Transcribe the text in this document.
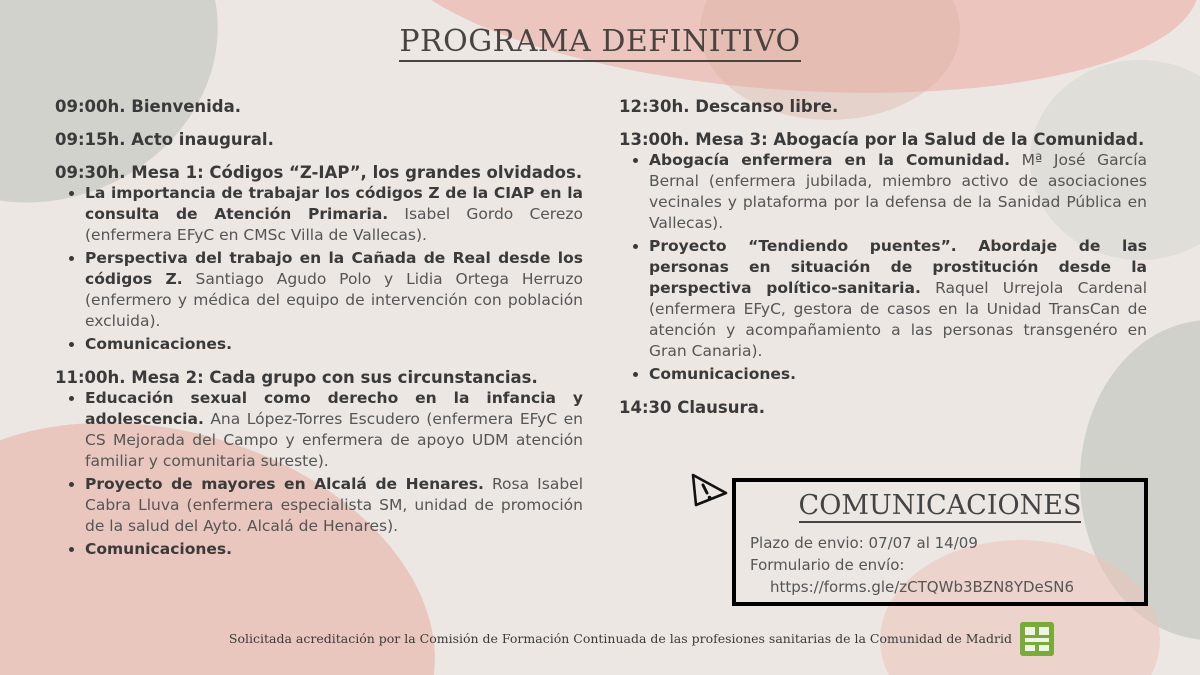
PROGRAMA DEFINITIVO

09:00h. Bienvenida.

09:15h. Acto inaugural.

09:30h. Mesa 1: Códigos “Z-IAP”, los grandes olvidados.

• La importancia de trabajar los códigos Z de la CIAP en la consulta de Atención Primaria. Isabel Gordo Cerezo (enfermera EFyC en CMSc Villa de Vallecas).
• Perspectiva del trabajo en la Cañada de Real desde los códigos Z. Santiago Agudo Polo y Lidia Ortega Herruzo (enfermero y médica del equipo de intervención con población excluida).
• Comunicaciones.

11:00h. Mesa 2: Cada grupo con sus circunstancias.

• Educación sexual como derecho en la infancia y adolescencia. Ana López-Torres Escudero (enfermera EFyC en CS Mejorada del Campo y enfermera de apoyo UDM atención familiar y comunitaria sureste).
• Proyecto de mayores en Alcalá de Henares. Rosa Isabel Cabra Lluva (enfermera especialista SM, unidad de promoción de la salud del Ayto. Alcalá de Henares).
• Comunicaciones.

12:30h. Descanso libre.

13:00h. Mesa 3: Abogacía por la Salud de la Comunidad.

• Abogacía enfermera en la Comunidad. Mª José García Bernal (enfermera jubilada, miembro activo de asociaciones vecinales y plataforma por la defensa de la Sanidad Pública en Vallecas).
• Proyecto “Tendiendo puentes”. Abordaje de las personas en situación de prostitución desde la perspectiva político-sanitaria. Raquel Urrejola Cardenal (enfermera EFyC, gestora de casos en la Unidad TransCan de atención y acompañamiento a las personas transgenéro en Gran Canaria).
• Comunicaciones.

14:30 Clausura.

COMUNICACIONES
Plazo de envio: 07/07 al 14/09
Formulario de envío:
https://forms.gle/zCTQWb3BZN8YDeSN6
Solicitada acreditación por la Comisión de Formación Continuada de las profesiones sanitarias de la Comunidad de Madrid
